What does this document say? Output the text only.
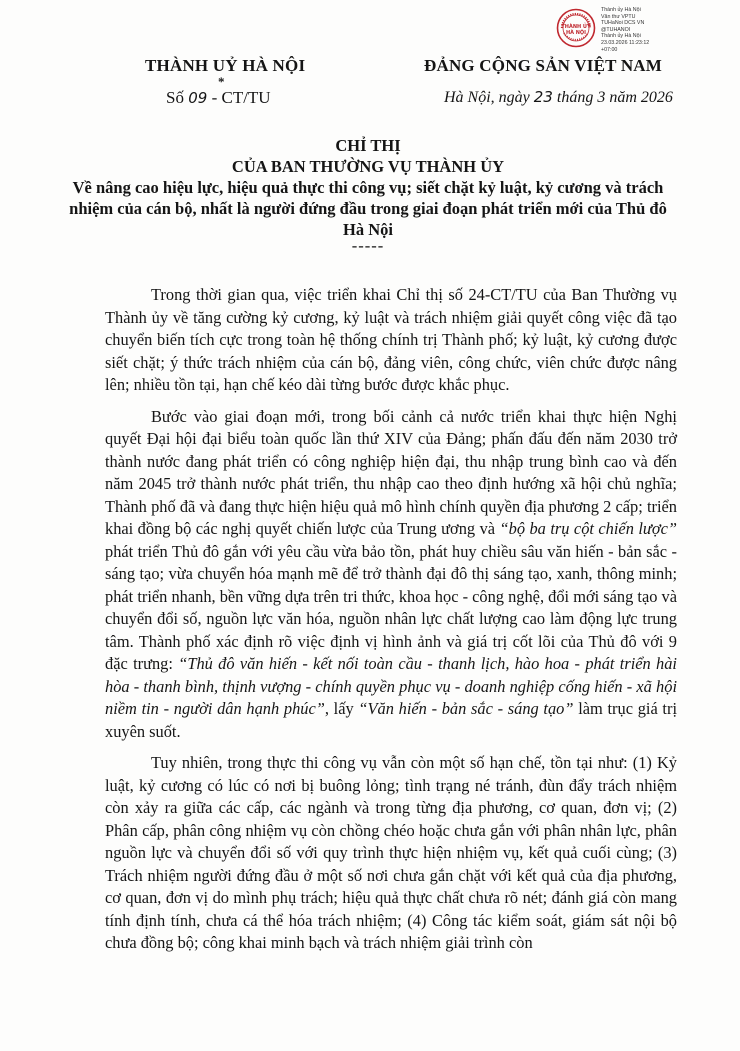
THÀNH ỦY
HÀ NỘI
Thành ủy Hà Nội
Văn thư VPTU
TUHaNoi DCS VN
@TUHANOI
Thành ủy Hà Nội
23.03.2026 11:23:12
+07:00
THÀNH UỶ HÀ NỘI
*
Số 09 - CT/TU
ĐẢNG CỘNG SẢN VIỆT NAM
Hà Nội, ngày 23 tháng 3 năm 2026
CHỈ THỊ
CỦA BAN THƯỜNG VỤ THÀNH ỦY
Về nâng cao hiệu lực, hiệu quả thực thi công vụ; siết chặt kỷ luật, kỷ cương và trách nhiệm của cán bộ, nhất là người đứng đầu trong giai đoạn phát triển mới của Thủ đô Hà Nội
-----

Trong thời gian qua, việc triển khai Chỉ thị số 24-CT/TU của Ban Thường vụ Thành ủy về tăng cường kỷ cương, kỷ luật và trách nhiệm giải quyết công việc đã tạo chuyển biến tích cực trong toàn hệ thống chính trị Thành phố; kỷ luật, kỷ cương được siết chặt; ý thức trách nhiệm của cán bộ, đảng viên, công chức, viên chức được nâng lên; nhiều tồn tại, hạn chế kéo dài từng bước được khắc phục.

Bước vào giai đoạn mới, trong bối cảnh cả nước triển khai thực hiện Nghị quyết Đại hội đại biểu toàn quốc lần thứ XIV của Đảng; phấn đấu đến năm 2030 trở thành nước đang phát triển có công nghiệp hiện đại, thu nhập trung bình cao và đến năm 2045 trở thành nước phát triển, thu nhập cao theo định hướng xã hội chủ nghĩa; Thành phố đã và đang thực hiện hiệu quả mô hình chính quyền địa phương 2 cấp; triển khai đồng bộ các nghị quyết chiến lược của Trung ương và “bộ ba trụ cột chiến lược” phát triển Thủ đô gắn với yêu cầu vừa bảo tồn, phát huy chiều sâu văn hiến - bản sắc - sáng tạo; vừa chuyển hóa mạnh mẽ để trở thành đại đô thị sáng tạo, xanh, thông minh; phát triển nhanh, bền vững dựa trên tri thức, khoa học - công nghệ, đổi mới sáng tạo và chuyển đổi số, nguồn lực văn hóa, nguồn nhân lực chất lượng cao làm động lực trung tâm. Thành phố xác định rõ việc định vị hình ảnh và giá trị cốt lõi của Thủ đô với 9 đặc trưng: “Thủ đô văn hiến - kết nối toàn cầu - thanh lịch, hào hoa - phát triển hài hòa - thanh bình, thịnh vượng - chính quyền phục vụ - doanh nghiệp cống hiến - xã hội niềm tin - người dân hạnh phúc”, lấy “Văn hiến - bản sắc - sáng tạo” làm trục giá trị xuyên suốt.

Tuy nhiên, trong thực thi công vụ vẫn còn một số hạn chế, tồn tại như: (1) Kỷ luật, kỷ cương có lúc có nơi bị buông lỏng; tình trạng né tránh, đùn đẩy trách nhiệm còn xảy ra giữa các cấp, các ngành và trong từng địa phương, cơ quan, đơn vị; (2) Phân cấp, phân công nhiệm vụ còn chồng chéo hoặc chưa gắn với phân nhân lực, phân nguồn lực và chuyển đổi số với quy trình thực hiện nhiệm vụ, kết quả cuối cùng; (3) Trách nhiệm người đứng đầu ở một số nơi chưa gắn chặt với kết quả của địa phương, cơ quan, đơn vị do mình phụ trách; hiệu quả thực chất chưa rõ nét; đánh giá còn mang tính định tính, chưa cá thể hóa trách nhiệm; (4) Công tác kiểm soát, giám sát nội bộ chưa đồng bộ; công khai minh bạch và trách nhiệm giải trình còn
